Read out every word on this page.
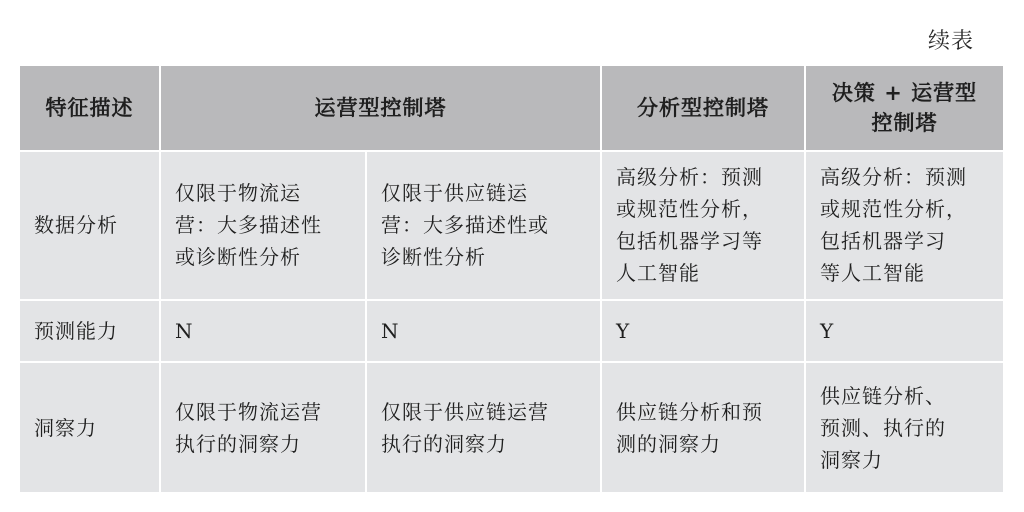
续表
特征描述	运营型控制塔		分析型控制塔	决策 + 运营型
控制塔
数据分析	仅限于物流运
营：大多描述性
或诊断性分析	仅限于供应链运
营：大多描述性或
诊断性分析	高级分析：预测
或规范性分析，
包括机器学习等
人工智能	高级分析：预测
或规范性分析，
包括机器学习
等人工智能
预测能力	N	N	Y	Y
洞察力	仅限于物流运营
执行的洞察力	仅限于供应链运营
执行的洞察力	供应链分析和预
测的洞察力	供应链分析、
预测、执行的
洞察力
